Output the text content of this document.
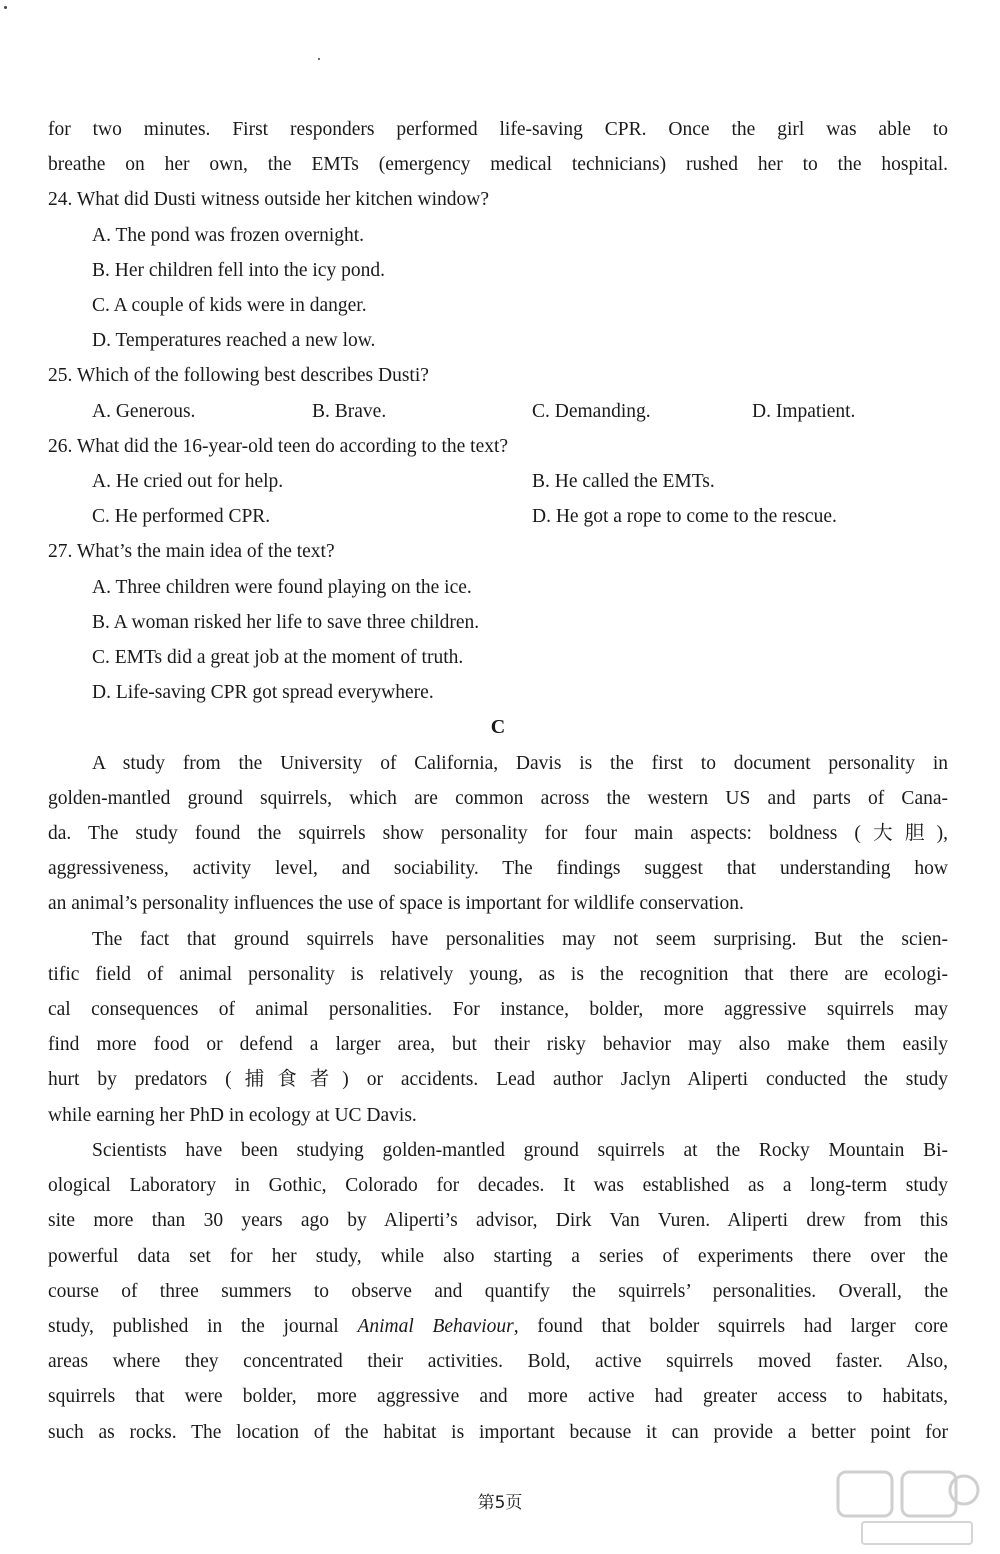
for two minutes. First responders performed life-saving CPR. Once the girl was able to
breathe on her own, the EMTs (emergency medical technicians) rushed her to the hospital.
24. What did Dusti witness outside her kitchen window?
A. The pond was frozen overnight.
B. Her children fell into the icy pond.
C. A couple of kids were in danger.
D. Temperatures reached a new low.
25. Which of the following best describes Dusti?
A. Generous.	B. Brave.	C. Demanding.	D. Impatient.
26. What did the 16-year-old teen do according to the text?
A. He cried out for help.	B. He called the EMTs.
C. He performed CPR.	D. He got a rope to come to the rescue.
27. What’s the main idea of the text?
A. Three children were found playing on the ice.
B. A woman risked her life to save three children.
C. EMTs did a great job at the moment of truth.
D. Life-saving CPR got spread everywhere.
C
A study from the University of California, Davis is the first to document personality in
golden-mantled ground squirrels, which are common across the western US and parts of Cana-
da. The study found the squirrels show personality for four main aspects: boldness (大胆),
aggressiveness, activity level, and sociability. The findings suggest that understanding how
an animal’s personality influences the use of space is important for wildlife conservation.
The fact that ground squirrels have personalities may not seem surprising. But the scien-
tific field of animal personality is relatively young, as is the recognition that there are ecologi-
cal consequences of animal personalities. For instance, bolder, more aggressive squirrels may
find more food or defend a larger area, but their risky behavior may also make them easily
hurt by predators (捕食者) or accidents. Lead author Jaclyn Aliperti conducted the study
while earning her PhD in ecology at UC Davis.
Scientists have been studying golden-mantled ground squirrels at the Rocky Mountain Bi-
ological Laboratory in Gothic, Colorado for decades. It was established as a long-term study
site more than 30 years ago by Aliperti’s advisor, Dirk Van Vuren. Aliperti drew from this
powerful data set for her study, while also starting a series of experiments there over the
course of three summers to observe and quantify the squirrels’ personalities. Overall, the
study, published in the journal Animal Behaviour, found that bolder squirrels had larger core
areas where they concentrated their activities. Bold, active squirrels moved faster. Also,
squirrels that were bolder, more aggressive and more active had greater access to habitats,
such as rocks. The location of the habitat is important because it can provide a better point for
第5页
